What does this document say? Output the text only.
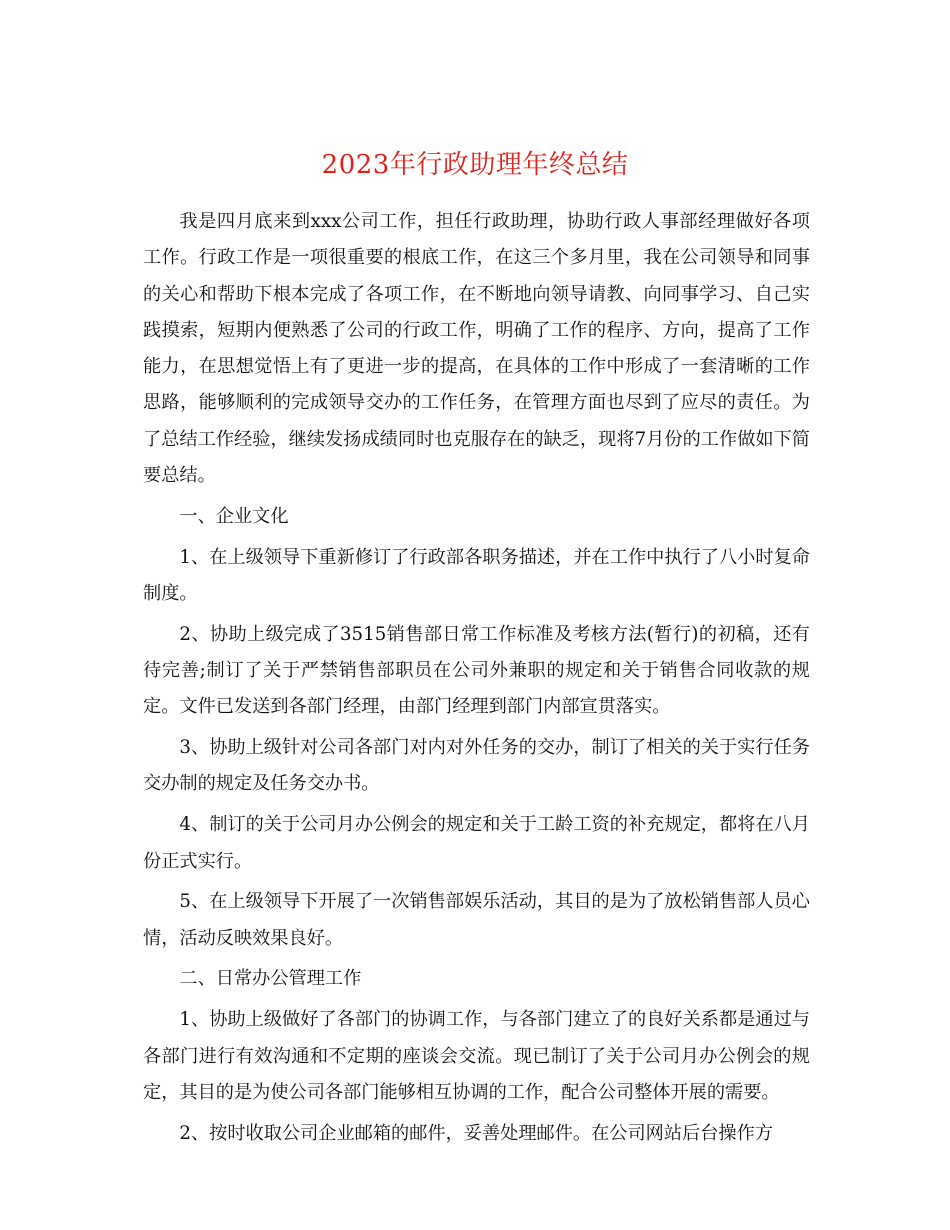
2023年行政助理年终总结

我是四月底来到xxx公司工作，担任行政助理，协助行政人事部经理做好各项工作。行政工作是一项很重要的根底工作，在这三个多月里，我在公司领导和同事的关心和帮助下根本完成了各项工作，在不断地向领导请教、向同事学习、自己实践摸索，短期内便熟悉了公司的行政工作，明确了工作的程序、方向，提高了工作能力，在思想觉悟上有了更进一步的提高，在具体的工作中形成了一套清晰的工作思路，能够顺利的完成领导交办的工作任务，在管理方面也尽到了应尽的责任。为了总结工作经验，继续发扬成绩同时也克服存在的缺乏，现将7月份的工作做如下简要总结。

一、企业文化

1、在上级领导下重新修订了行政部各职务描述，并在工作中执行了八小时复命制度。

2、协助上级完成了3515销售部日常工作标准及考核方法(暂行)的初稿，还有待完善;制订了关于严禁销售部职员在公司外兼职的规定和关于销售合同收款的规定。文件已发送到各部门经理，由部门经理到部门内部宣贯落实。

3、协助上级针对公司各部门对内对外任务的交办，制订了相关的关于实行任务交办制的规定及任务交办书。

4、制订的关于公司月办公例会的规定和关于工龄工资的补充规定，都将在八月份正式实行。

5、在上级领导下开展了一次销售部娱乐活动，其目的是为了放松销售部人员心情，活动反映效果良好。

二、日常办公管理工作

1、协助上级做好了各部门的协调工作，与各部门建立了的良好关系都是通过与各部门进行有效沟通和不定期的座谈会交流。现已制订了关于公司月办公例会的规定，其目的是为使公司各部门能够相互协调的工作，配合公司整体开展的需要。

2、按时收取公司企业邮箱的邮件，妥善处理邮件。在公司网站后台操作方
